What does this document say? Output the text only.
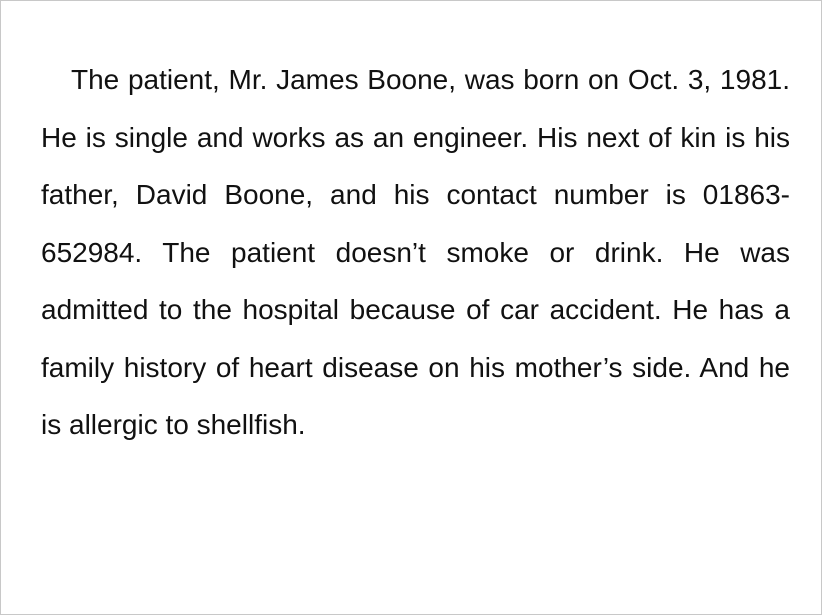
The patient, Mr. James Boone, was born on Oct. 3, 1981. He is single and works as an engineer. His next of kin is his father, David Boone, and his contact number is 01863-652984. The patient doesn’t smoke or drink. He was admitted to the hospital because of car accident. He has a family history of heart disease on his mother’s side. And he is allergic to shellfish.
